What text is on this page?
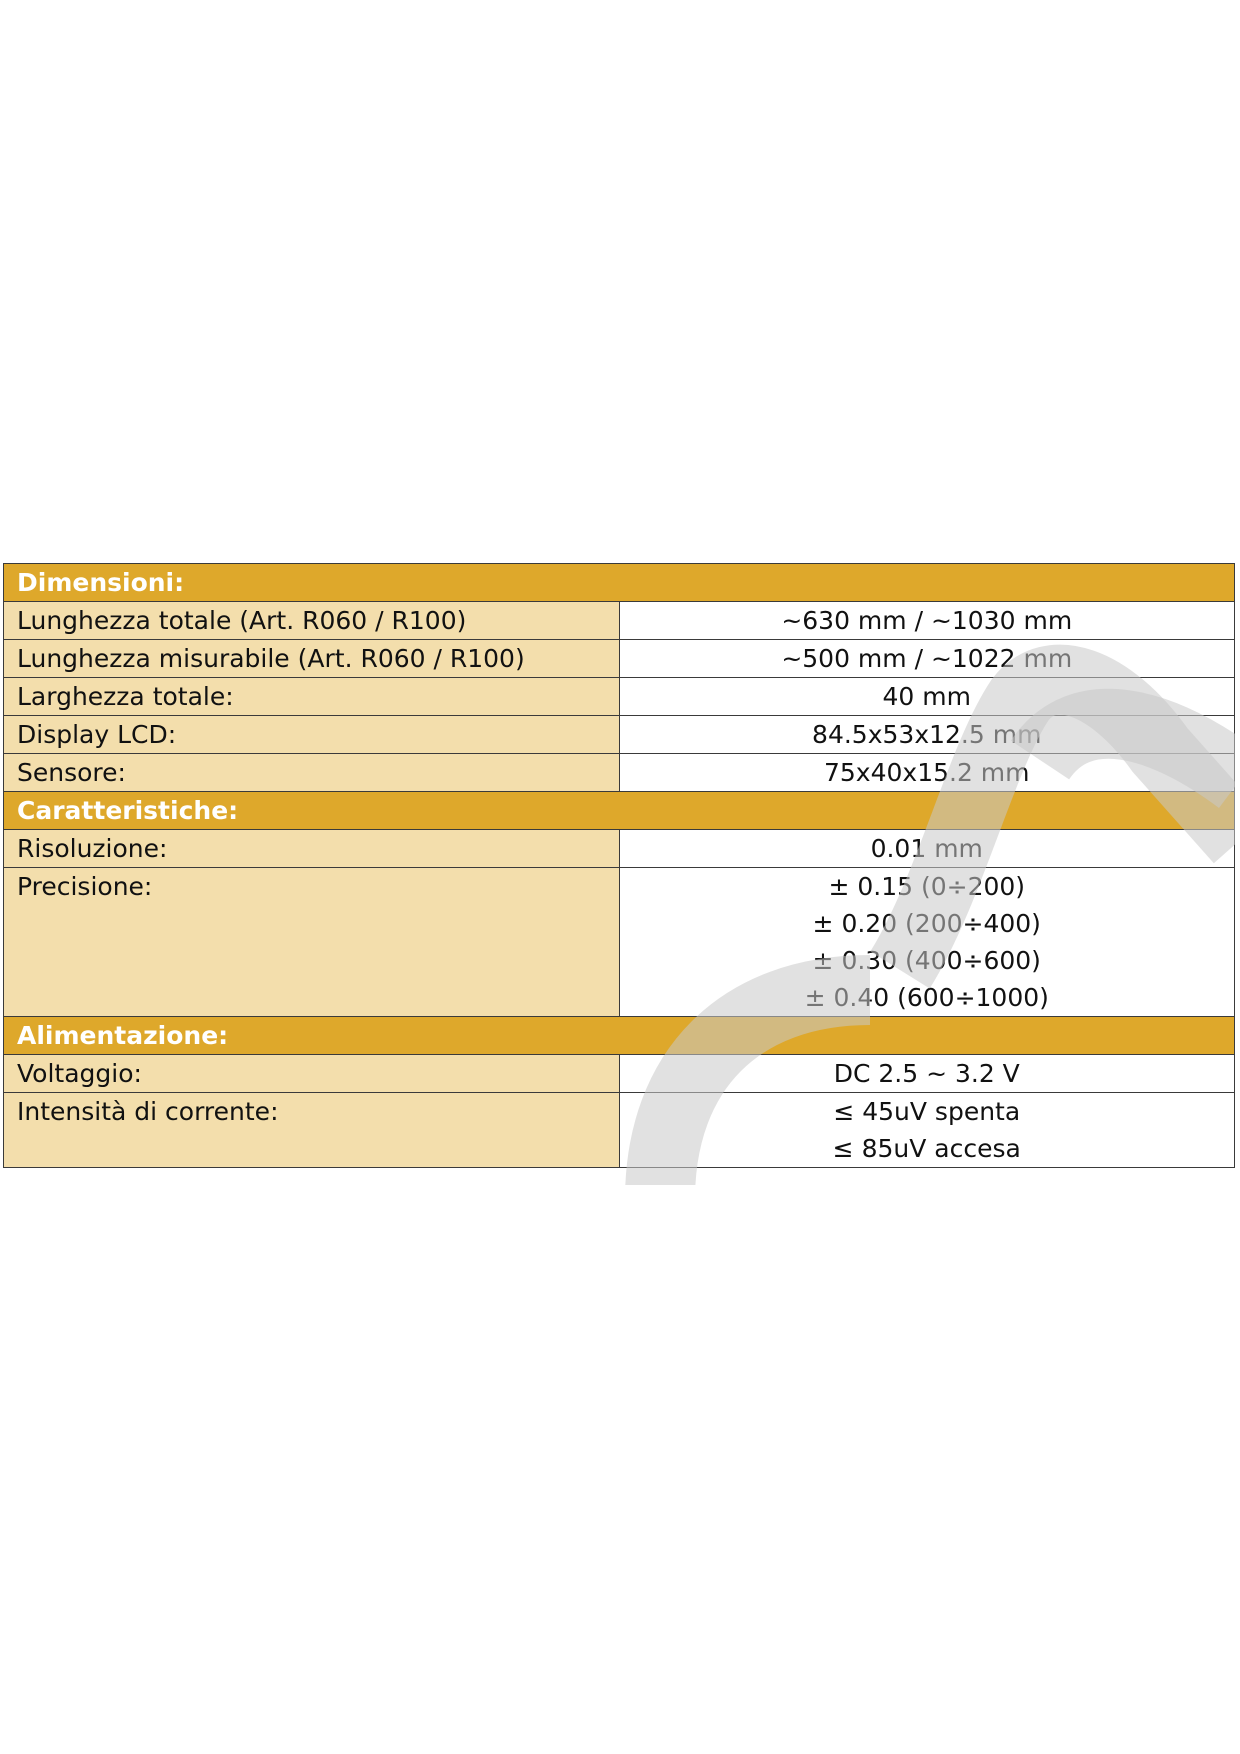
Dimensioni:	
Lunghezza totale (Art. R060 / R100)	~630 mm / ~1030 mm

Lunghezza misurabile (Art. R060 / R100)	~500 mm / ~1022 mm

Larghezza totale:	40 mm

Display LCD:	84.5x53x12.5 mm

Sensore:	75x40x15.2 mm

Caratteristiche:	
Risoluzione:	0.01 mm

Precisione:	± 0.15 (0÷200)
± 0.20 (200÷400)
± 0.30 (400÷600)
± 0.40 (600÷1000)

Alimentazione:	
Voltaggio:	DC 2.5 ~ 3.2 V

Intensità di corrente:	≤ 45uV spenta
≤ 85uV accesa
